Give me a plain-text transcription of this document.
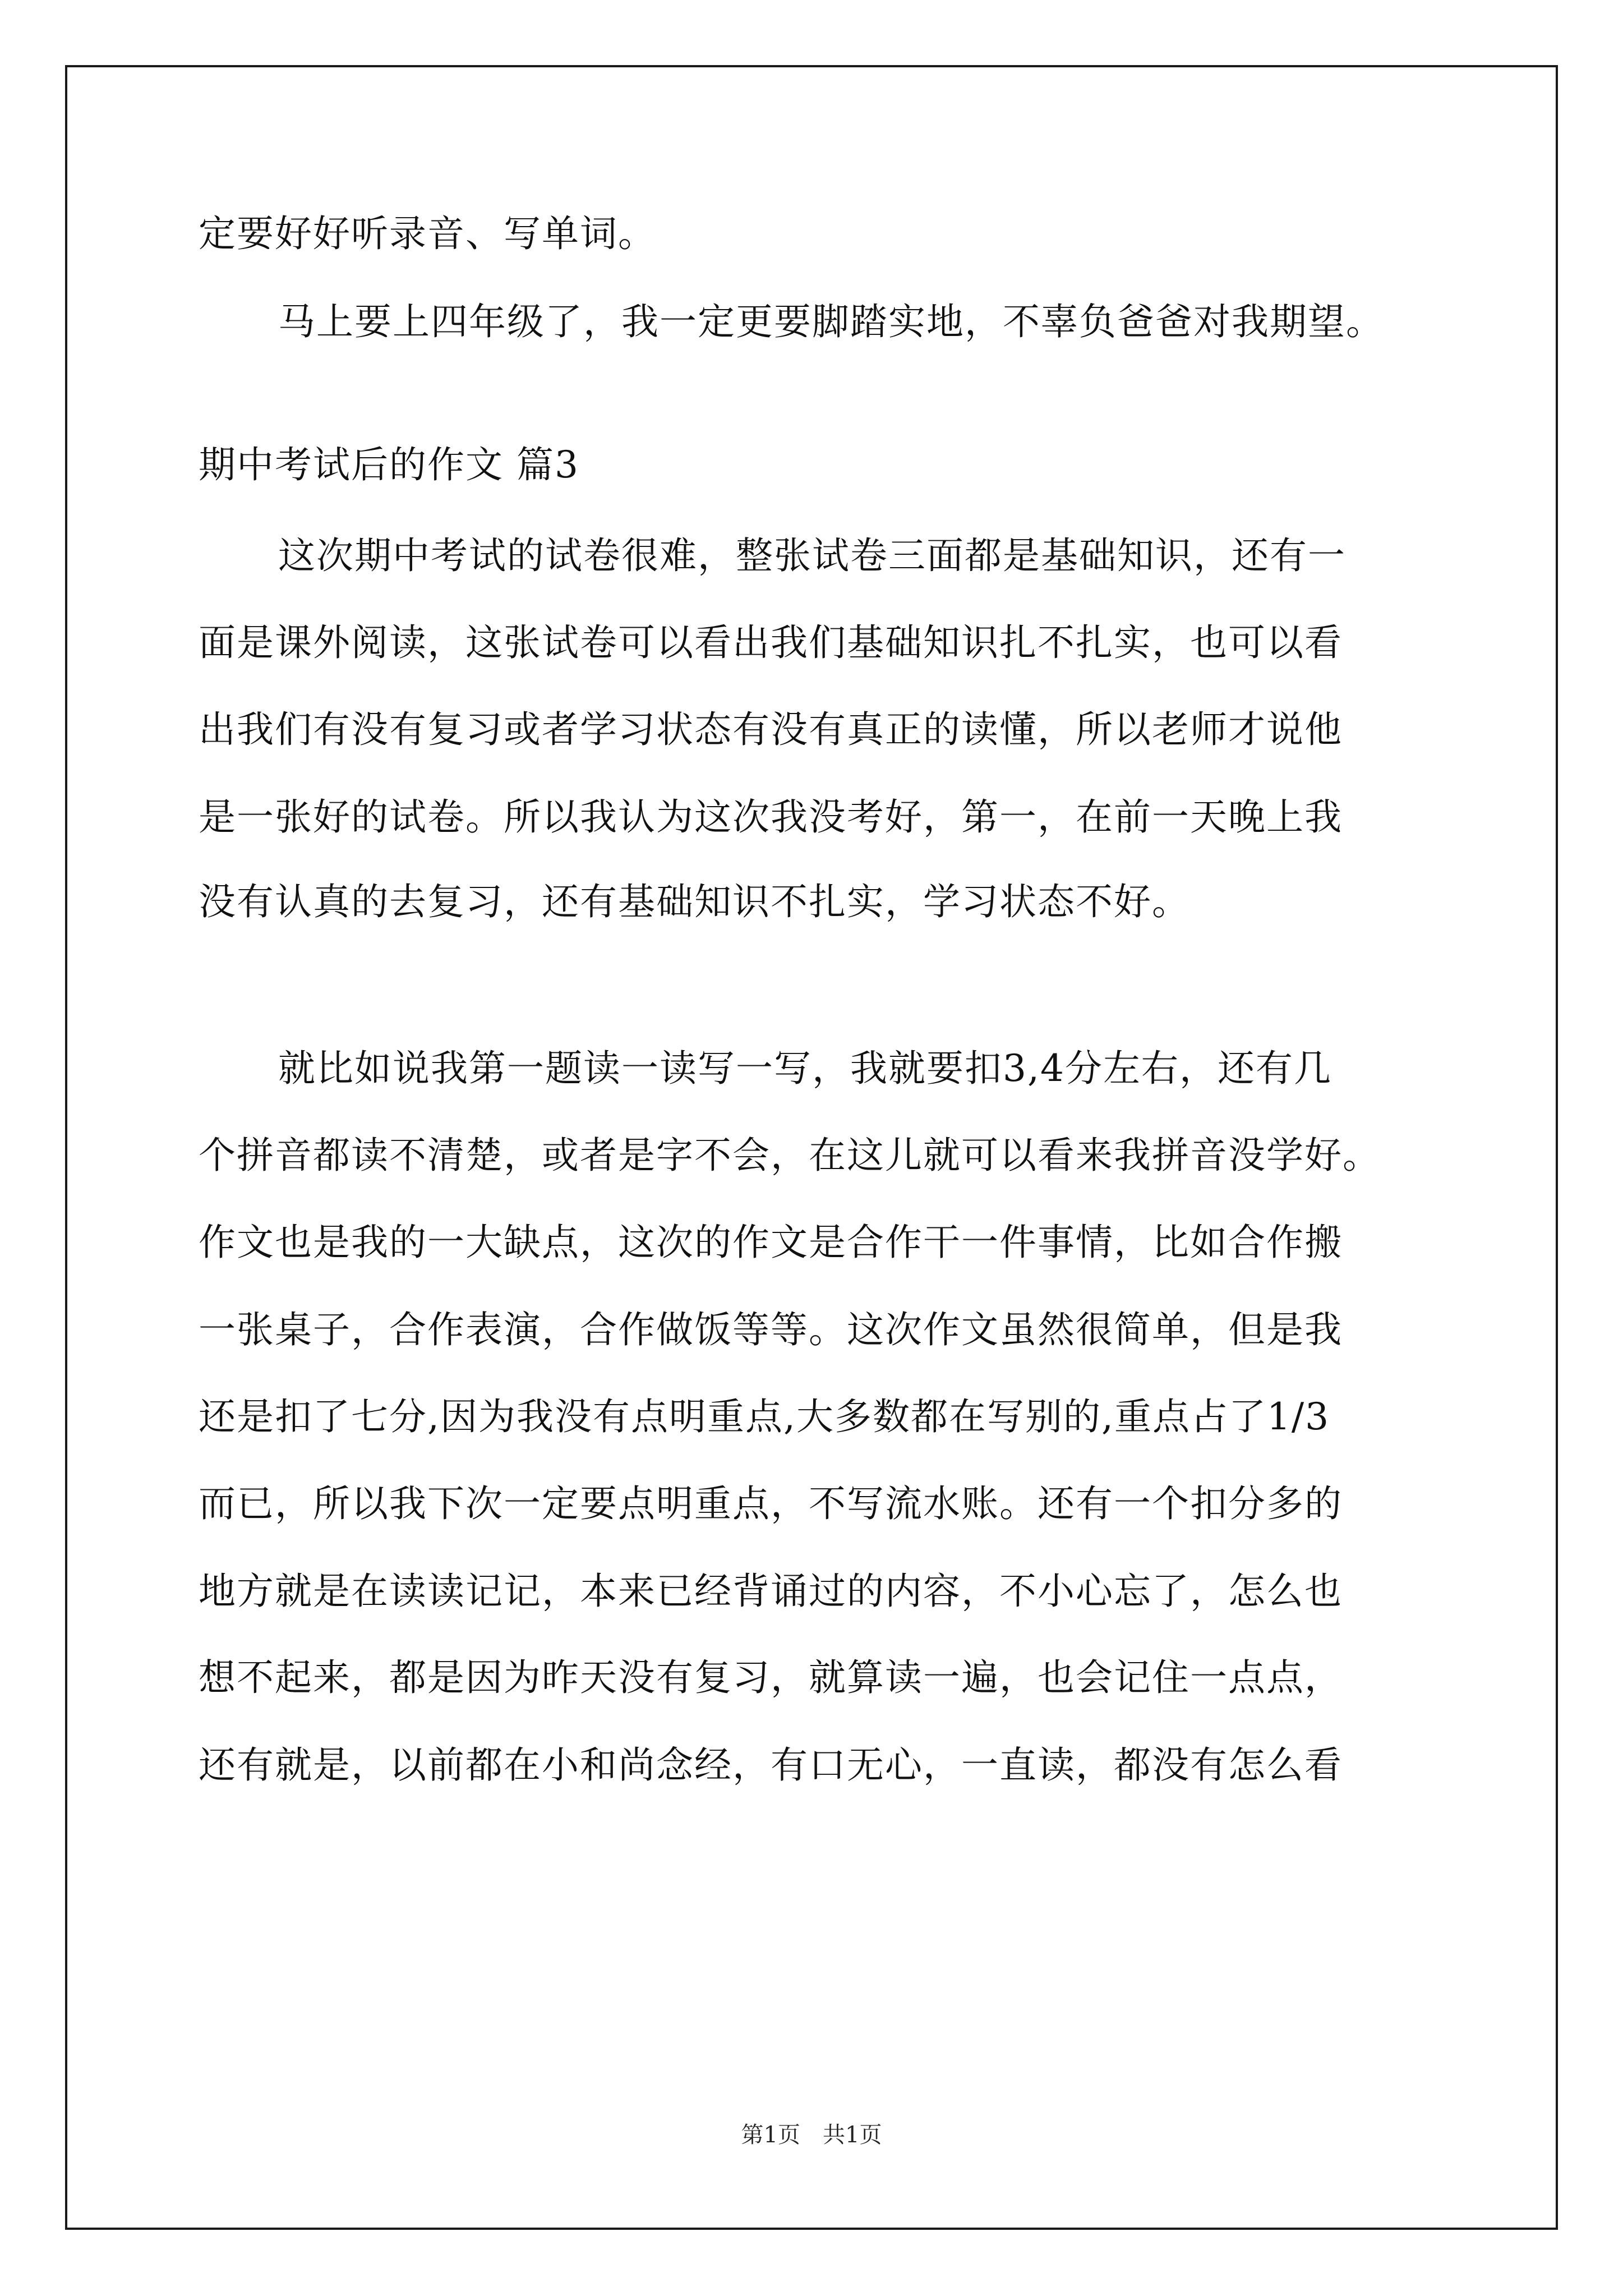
定要好好听录音、写单词。
马上要上四年级了，我一定更要脚踏实地，不辜负爸爸对我期望。
期中考试后的作文 篇3
这次期中考试的试卷很难，整张试卷三面都是基础知识，还有一
面是课外阅读，这张试卷可以看出我们基础知识扎不扎实，也可以看
出我们有没有复习或者学习状态有没有真正的读懂，所以老师才说他
是一张好的试卷。所以我认为这次我没考好，第一，在前一天晚上我
没有认真的去复习，还有基础知识不扎实，学习状态不好。
就比如说我第一题读一读写一写，我就要扣3,4分左右，还有几
个拼音都读不清楚，或者是字不会，在这儿就可以看来我拼音没学好。
作文也是我的一大缺点，这次的作文是合作干一件事情，比如合作搬
一张桌子，合作表演，合作做饭等等。这次作文虽然很简单，但是我
还是扣了七分,因为我没有点明重点,大多数都在写别的,重点占了1/3
而已，所以我下次一定要点明重点，不写流水账。还有一个扣分多的
地方就是在读读记记，本来已经背诵过的内容，不小心忘了，怎么也
想不起来，都是因为昨天没有复习，就算读一遍，也会记住一点点，
还有就是，以前都在小和尚念经，有口无心，一直读，都没有怎么看
第1页　共1页
